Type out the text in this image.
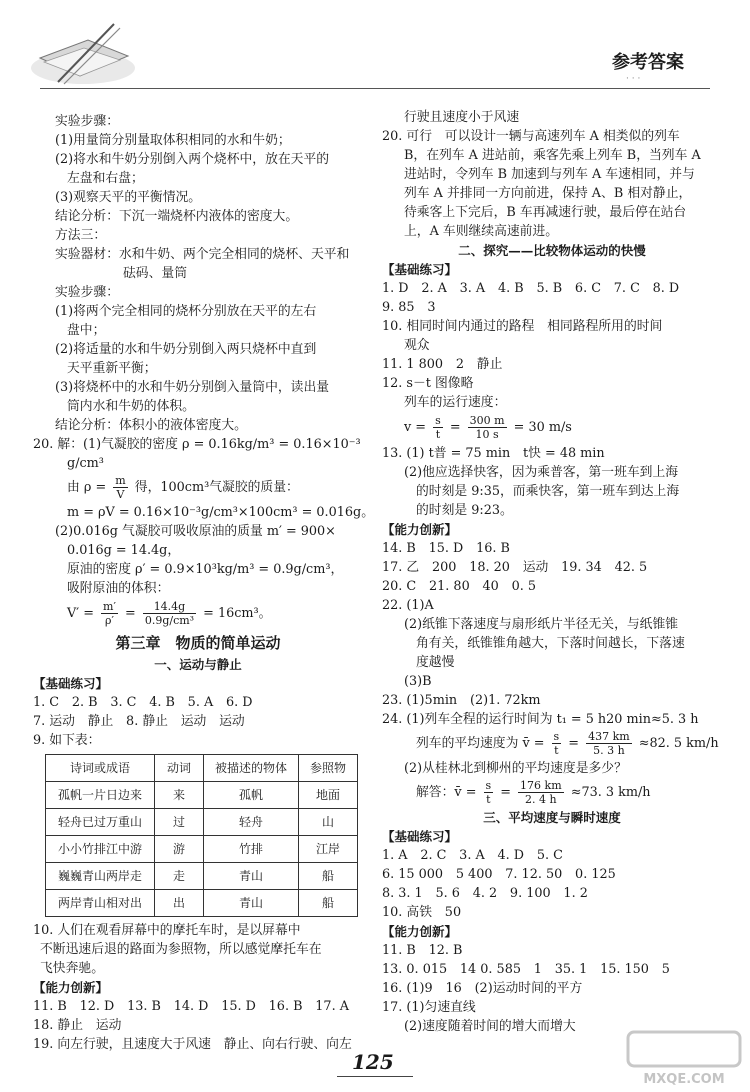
参考答案
· · ·
实验步骤：
(1)用量筒分别量取体积相同的水和牛奶；
(2)将水和牛奶分别倒入两个烧杯中，放在天平的
左盘和右盘；
(3)观察天平的平衡情况。
结论分析：下沉一端烧杯内液体的密度大。
方法三：
实验器材：水和牛奶、两个完全相同的烧杯、天平和
砝码、量筒
实验步骤：
(1)将两个完全相同的烧杯分别放在天平的左右
盘中；
(2)将适量的水和牛奶分别倒入两只烧杯中直到
天平重新平衡；
(3)将烧杯中的水和牛奶分别倒入量筒中，读出量
筒内水和牛奶的体积。
结论分析：体积小的液体密度大。
20. 解：(1)气凝胶的密度 ρ = 0.16kg/m³ = 0.16×10⁻³
g/cm³
由 $\rho = \frac{m}{V}$ 得，100cm³气凝胶的质量：
m = ρV = 0.16×10⁻³g/cm³×100cm³ = 0.016g。
(2)0.016g 气凝胶可吸收原油的质量 m′ = 900×
0.016g = 14.4g，
原油的密度 ρ′ = 0.9×10³kg/m³ = 0.9g/cm³，
吸附原油的体积：
$V' = \frac{m'}{\rho'} = \frac{14.4g}{\text{0.9g/cm³}} = 16cm^3$。
第三章　物质的简单运动
一、运动与静止
【基础练习】
1. C　2. B　3. C　4. B　5. A　6. D
7. 运动　静止　8. 静止　运动　运动
9. 如下表：
诗词或成语	动词	被描述的物体	参照物
孤帆一片日边来	来	孤帆	地面
轻舟已过万重山	过	轻舟	山
小小竹排江中游	游	竹排	江岸
巍巍青山两岸走	走	青山	船
两岸青山相对出	出	青山	船
10. 人们在观看屏幕中的摩托车时，是以屏幕中
不断迅速后退的路面为参照物，所以感觉摩托车在
飞快奔驰。
【能力创新】
11. B　12. D　13. B　14. D　15. D　16. B　17. A
18. 静止　运动
19. 向左行驶，且速度大于风速　静止、向右行驶、向左
行驶且速度小于风速
20. 可行　可以设计一辆与高速列车 A 相类似的列车
B，在列车 A 进站前，乘客先乘上列车 B，当列车 A
进站时，令列车 B 加速到与列车 A 车速相同，并与
列车 A 并排同一方向前进，保持 A、B 相对静止，
待乘客上下完后，B 车再减速行驶，最后停在站台
上，A 车则继续高速前进。
二、探究——比较物体运动的快慢
【基础练习】
1. D　2. A　3. A　4. B　5. B　6. C　7. C　8. D
9. 85　3
10. 相同时间内通过的路程　相同路程所用的时间
观众
11. 1 800　2　静止
12. s－t 图像略
列车的运行速度：
$v = \frac{s}{t} = \frac{300 m}{10 s} = 30$ m/s
13. (1) t普 = 75 min　t快 = 48 min
(2)他应选择快客，因为乘普客，第一班车到上海
的时刻是 9:35，而乘快客，第一班车到达上海
的时刻是 9:23。
【能力创新】
14. B　15. D　16. B
17. 乙　200　18. 20　运动　19. 34　42. 5
20. C　21. 80　40　0. 5
22. (1)A
(2)纸锥下落速度与扇形纸片半径无关，与纸锥锥
角有关，纸锥锥角越大，下落时间越长，下落速
度越慢
(3)B
23. (1)5min　(2)1. 72km
24. (1)列车全程的运行时间为 t₁ = 5 h20 min≈5. 3 h
列车的平均速度为 v̄ = $\frac{s}{t} = \frac{437 km}{5. 3 h} \approx 82$. 5 km/h
(2)从桂林北到柳州的平均速度是多少？
解答：v̄ = $\frac{s}{t} = \frac{176 km}{2. 4 h} \approx 73$. 3 km/h
三、平均速度与瞬时速度
【基础练习】
1. A　2. C　3. A　4. D　5. C
6. 15 000　5 400　7. 12. 50　0. 125
8. 3. 1　5. 6　4. 2　9. 100　1. 2
10. 高铁　50
【能力创新】
11. B　12. B
13. 0. 015　14 0. 585　1　35. 1　15. 150　5
16. (1)9　16　(2)运动时间的平方
17. (1)匀速直线
(2)速度随着时间的增大而增大
125
MXQE.COM
